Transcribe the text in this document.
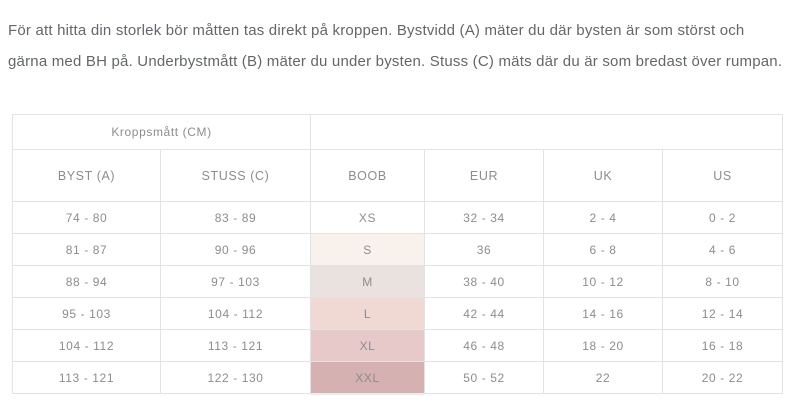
För att hitta din storlek bör måtten tas direkt på kroppen. Bystvidd (A) mäter du där bysten är som störst och
gärna med BH på. Underbystmått (B) mäter du under bysten. Stuss (C) mäts där du är som bredast över rumpan.
Kroppsmått (CM)					
BYST (A)	STUSS (C)	BOOB	EUR	UK	US
74 - 80	83 - 89	XS	32 - 34	2 - 4	0 - 2
81 - 87	90 - 96	S	36	6 - 8	4 - 6
88 - 94	97 - 103	M	38 - 40	10 - 12	8 - 10
95 - 103	104 - 112	L	42 - 44	14 - 16	12 - 14
104 - 112	113 - 121	XL	46 - 48	18 - 20	16 - 18
113 - 121	122 - 130	XXL	50 - 52	22	20 - 22
